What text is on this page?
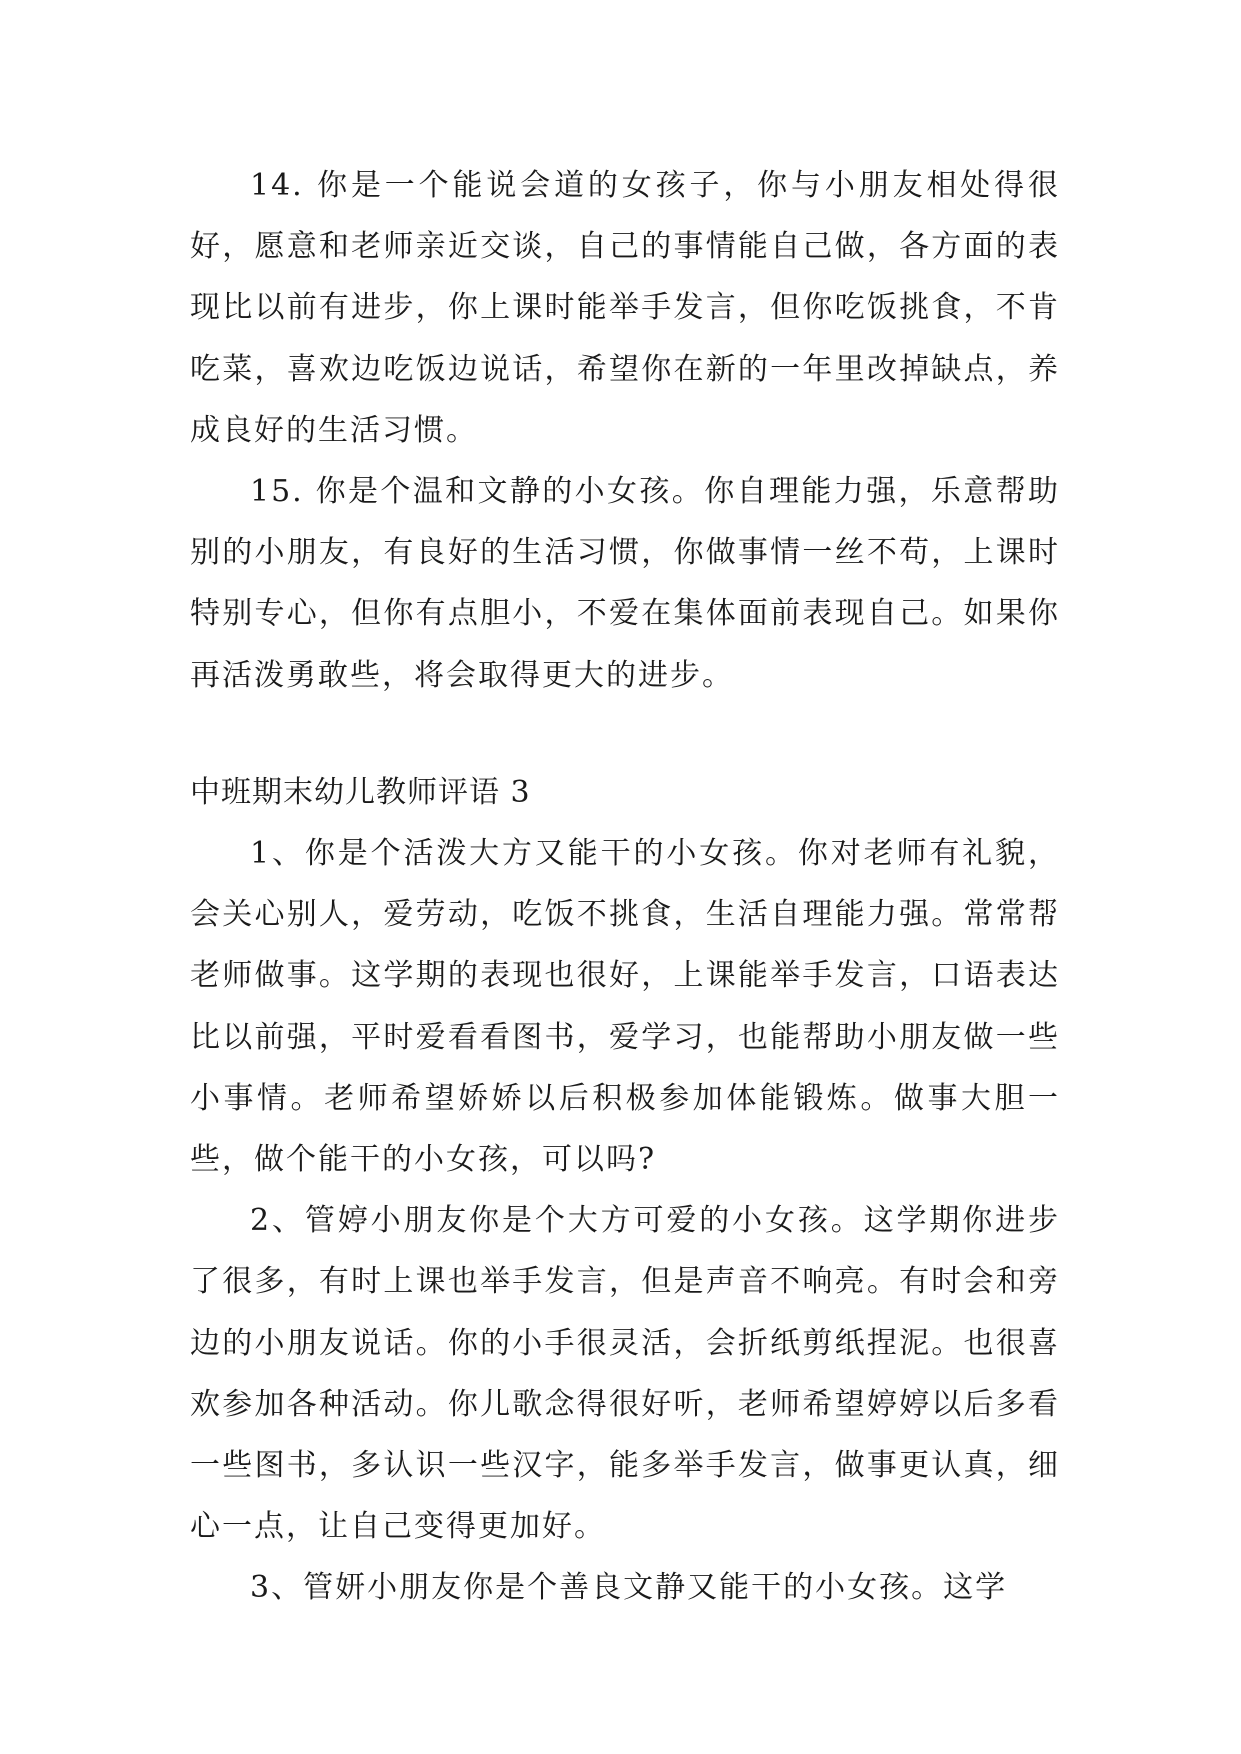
14. 你是一个能说会道的女孩子，你与小朋友相处得很好，愿意和老师亲近交谈，自己的事情能自己做，各方面的表现比以前有进步，你上课时能举手发言，但你吃饭挑食，不肯吃菜，喜欢边吃饭边说话，希望你在新的一年里改掉缺点，养成良好的生活习惯。

15. 你是个温和文静的小女孩。你自理能力强，乐意帮助别的小朋友，有良好的生活习惯，你做事情一丝不苟，上课时特别专心，但你有点胆小，不爱在集体面前表现自己。如果你再活泼勇敢些，将会取得更大的进步。

中班期末幼儿教师评语 3

1、你是个活泼大方又能干的小女孩。你对老师有礼貌，会关心别人，爱劳动，吃饭不挑食，生活自理能力强。常常帮老师做事。这学期的表现也很好，上课能举手发言，口语表达比以前强，平时爱看看图书，爱学习，也能帮助小朋友做一些小事情。老师希望娇娇以后积极参加体能锻炼。做事大胆一些，做个能干的小女孩，可以吗?

2、管婷小朋友你是个大方可爱的小女孩。这学期你进步了很多，有时上课也举手发言，但是声音不响亮。有时会和旁边的小朋友说话。你的小手很灵活，会折纸剪纸捏泥。也很喜欢参加各种活动。你儿歌念得很好听，老师希望婷婷以后多看一些图书，多认识一些汉字，能多举手发言，做事更认真，细心一点，让自己变得更加好。

3、管妍小朋友你是个善良文静又能干的小女孩。这学
